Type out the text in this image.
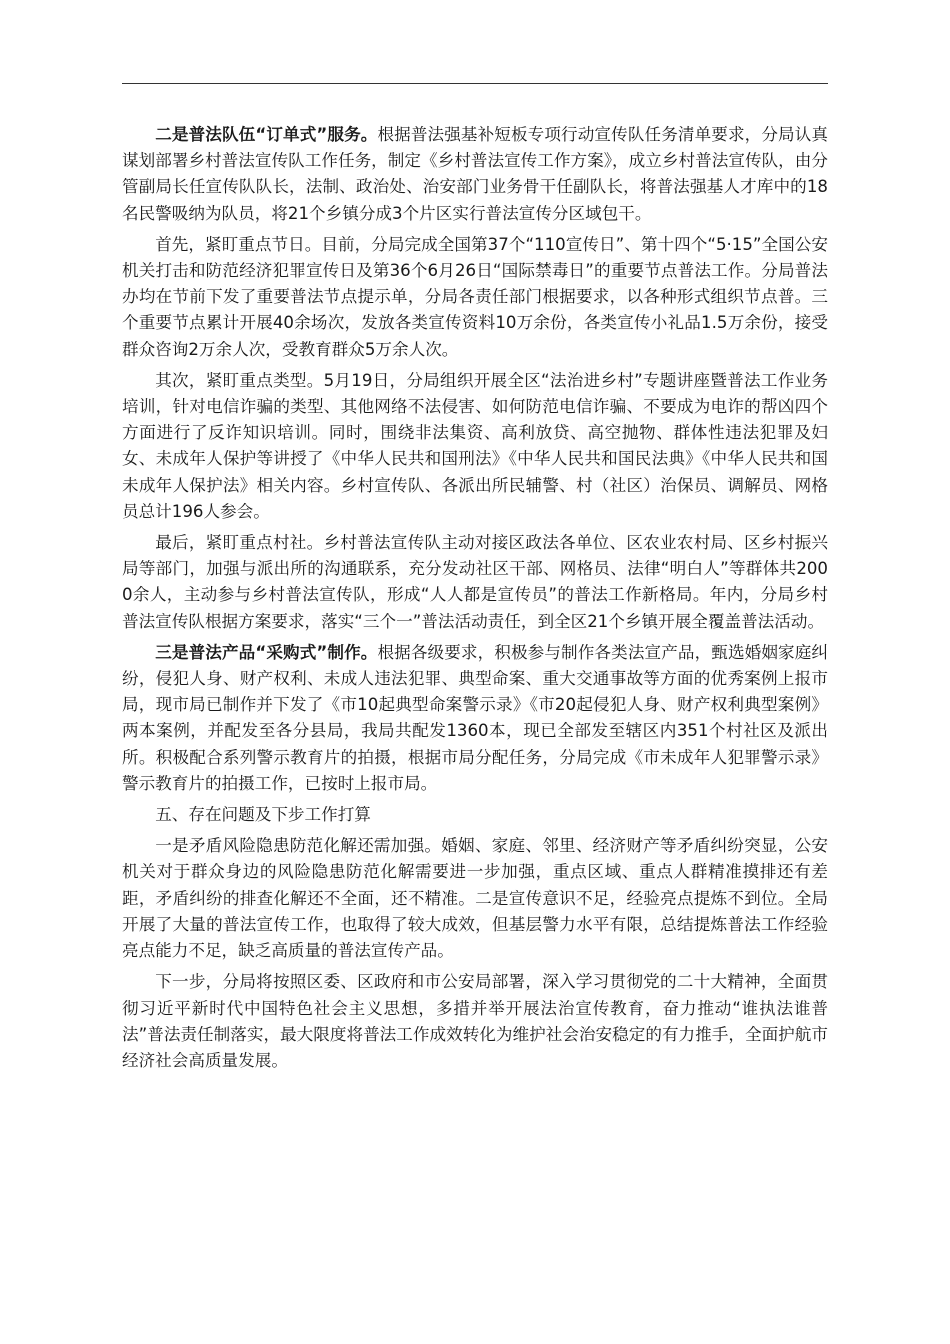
二是普法队伍“订单式”服务。根据普法强基补短板专项行动宣传队任务清单要求，分局认真谋划部署乡村普法宣传队工作任务，制定《乡村普法宣传工作方案》，成立乡村普法宣传队，由分管副局长任宣传队队长，法制、政治处、治安部门业务骨干任副队长，将普法强基人才库中的18名民警吸纳为队员，将21个乡镇分成3个片区实行普法宣传分区域包干。

首先，紧盯重点节日。目前，分局完成全国第37个“110宣传日”、第十四个“5·15”全国公安机关打击和防范经济犯罪宣传日及第36个6月26日“国际禁毒日”的重要节点普法工作。分局普法办均在节前下发了重要普法节点提示单，分局各责任部门根据要求，以各种形式组织节点普。三个重要节点累计开展40余场次，发放各类宣传资料10万余份，各类宣传小礼品1.5万余份，接受群众咨询2万余人次，受教育群众5万余人次。

其次，紧盯重点类型。5月19日，分局组织开展全区“法治进乡村”专题讲座暨普法工作业务培训，针对电信诈骗的类型、其他网络不法侵害、如何防范电信诈骗、不要成为电诈的帮凶四个方面进行了反诈知识培训。同时，围绕非法集资、高利放贷、高空抛物、群体性违法犯罪及妇女、未成年人保护等讲授了《中华人民共和国刑法》《中华人民共和国民法典》《中华人民共和国未成年人保护法》相关内容。乡村宣传队、各派出所民辅警、村（社区）治保员、调解员、网格员总计196人参会。

最后，紧盯重点村社。乡村普法宣传队主动对接区政法各单位、区农业农村局、区乡村振兴局等部门，加强与派出所的沟通联系，充分发动社区干部、网格员、法律“明白人”等群体共2000余人，主动参与乡村普法宣传队，形成“人人都是宣传员”的普法工作新格局。年内，分局乡村普法宣传队根据方案要求，落实“三个一”普法活动责任，到全区21个乡镇开展全覆盖普法活动。

三是普法产品“采购式”制作。根据各级要求，积极参与制作各类法宣产品，甄选婚姻家庭纠纷，侵犯人身、财产权利、未成人违法犯罪、典型命案、重大交通事故等方面的优秀案例上报市局，现市局已制作并下发了《市10起典型命案警示录》《市20起侵犯人身、财产权利典型案例》两本案例，并配发至各分县局，我局共配发1360本，现已全部发至辖区内351个村社区及派出所。积极配合系列警示教育片的拍摄，根据市局分配任务，分局完成《市未成年人犯罪警示录》警示教育片的拍摄工作，已按时上报市局。

五、存在问题及下步工作打算

一是矛盾风险隐患防范化解还需加强。婚姻、家庭、邻里、经济财产等矛盾纠纷突显，公安机关对于群众身边的风险隐患防范化解需要进一步加强，重点区域、重点人群精准摸排还有差距，矛盾纠纷的排查化解还不全面，还不精准。二是宣传意识不足，经验亮点提炼不到位。全局开展了大量的普法宣传工作，也取得了较大成效，但基层警力水平有限，总结提炼普法工作经验亮点能力不足，缺乏高质量的普法宣传产品。

下一步，分局将按照区委、区政府和市公安局部署，深入学习贯彻党的二十大精神，全面贯彻习近平新时代中国特色社会主义思想，多措并举开展法治宣传教育，奋力推动“谁执法谁普法”普法责任制落实，最大限度将普法工作成效转化为维护社会治安稳定的有力推手，全面护航市经济社会高质量发展。
